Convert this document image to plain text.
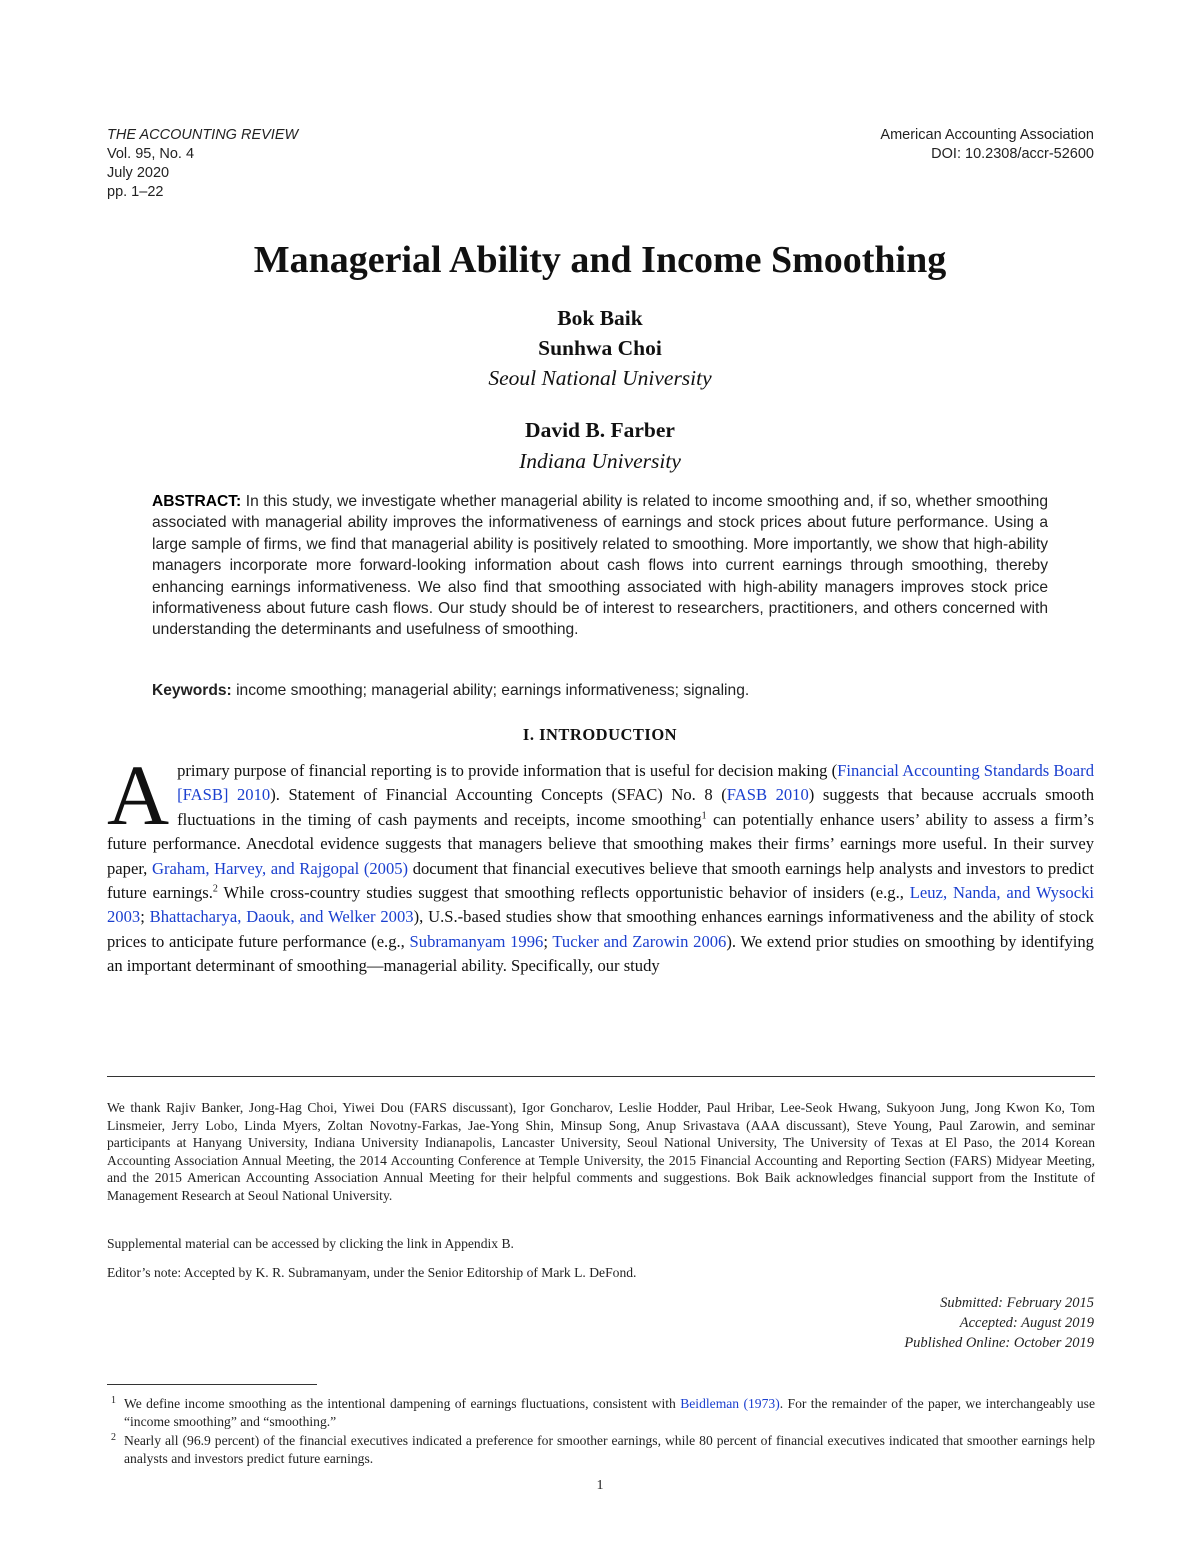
THE ACCOUNTING REVIEW
Vol. 95, No. 4
July 2020
pp. 1–22
American Accounting Association
DOI: 10.2308/accr-52600
Managerial Ability and Income Smoothing
Bok Baik
Sunhwa Choi
Seoul National University
David B. Farber
Indiana University
ABSTRACT: In this study, we investigate whether managerial ability is related to income smoothing and, if so, whether smoothing associated with managerial ability improves the informativeness of earnings and stock prices about future performance. Using a large sample of firms, we find that managerial ability is positively related to smoothing. More importantly, we show that high-ability managers incorporate more forward-looking information about cash flows into current earnings through smoothing, thereby enhancing earnings informativeness. We also find that smoothing associated with high-ability managers improves stock price informativeness about future cash flows. Our study should be of interest to researchers, practitioners, and others concerned with understanding the determinants and usefulness of smoothing.
Keywords: income smoothing; managerial ability; earnings informativeness; signaling.
I. INTRODUCTION
Aprimary purpose of financial reporting is to provide information that is useful for decision making (Financial Accounting Standards Board [FASB] 2010). Statement of Financial Accounting Concepts (SFAC) No. 8 (FASB 2010) suggests that because accruals smooth fluctuations in the timing of cash payments and receipts, income smoothing$^1$ can potentially enhance users’ ability to assess a firm’s future performance. Anecdotal evidence suggests that managers believe that smoothing makes their firms’ earnings more useful. In their survey paper, Graham, Harvey, and Rajgopal (2005) document that financial executives believe that smooth earnings help analysts and investors to predict future earnings.$^2$ While cross-country studies suggest that smoothing reflects opportunistic behavior of insiders (e.g., Leuz, Nanda, and Wysocki 2003; Bhattacharya, Daouk, and Welker 2003), U.S.-based studies show that smoothing enhances earnings informativeness and the ability of stock prices to anticipate future performance (e.g., Subramanyam 1996; Tucker and Zarowin 2006). We extend prior studies on smoothing by identifying an important determinant of smoothing—managerial ability. Specifically, our study
We thank Rajiv Banker, Jong-Hag Choi, Yiwei Dou (FARS discussant), Igor Goncharov, Leslie Hodder, Paul Hribar, Lee-Seok Hwang, Sukyoon Jung, Jong Kwon Ko, Tom Linsmeier, Jerry Lobo, Linda Myers, Zoltan Novotny-Farkas, Jae-Yong Shin, Minsup Song, Anup Srivastava (AAA discussant), Steve Young, Paul Zarowin, and seminar participants at Hanyang University, Indiana University Indianapolis, Lancaster University, Seoul National University, The University of Texas at El Paso, the 2014 Korean Accounting Association Annual Meeting, the 2014 Accounting Conference at Temple University, the 2015 Financial Accounting and Reporting Section (FARS) Midyear Meeting, and the 2015 American Accounting Association Annual Meeting for their helpful comments and suggestions. Bok Baik acknowledges financial support from the Institute of Management Research at Seoul National University.
Supplemental material can be accessed by clicking the link in Appendix B.
Editor’s note: Accepted by K. R. Subramanyam, under the Senior Editorship of Mark L. DeFond.
Submitted: February 2015
Accepted: August 2019
Published Online: October 2019
1 We define income smoothing as the intentional dampening of earnings fluctuations, consistent with Beidleman (1973). For the remainder of the paper, we interchangeably use “income smoothing” and “smoothing.”
2 Nearly all (96.9 percent) of the financial executives indicated a preference for smoother earnings, while 80 percent of financial executives indicated that smoother earnings help analysts and investors predict future earnings.
1
